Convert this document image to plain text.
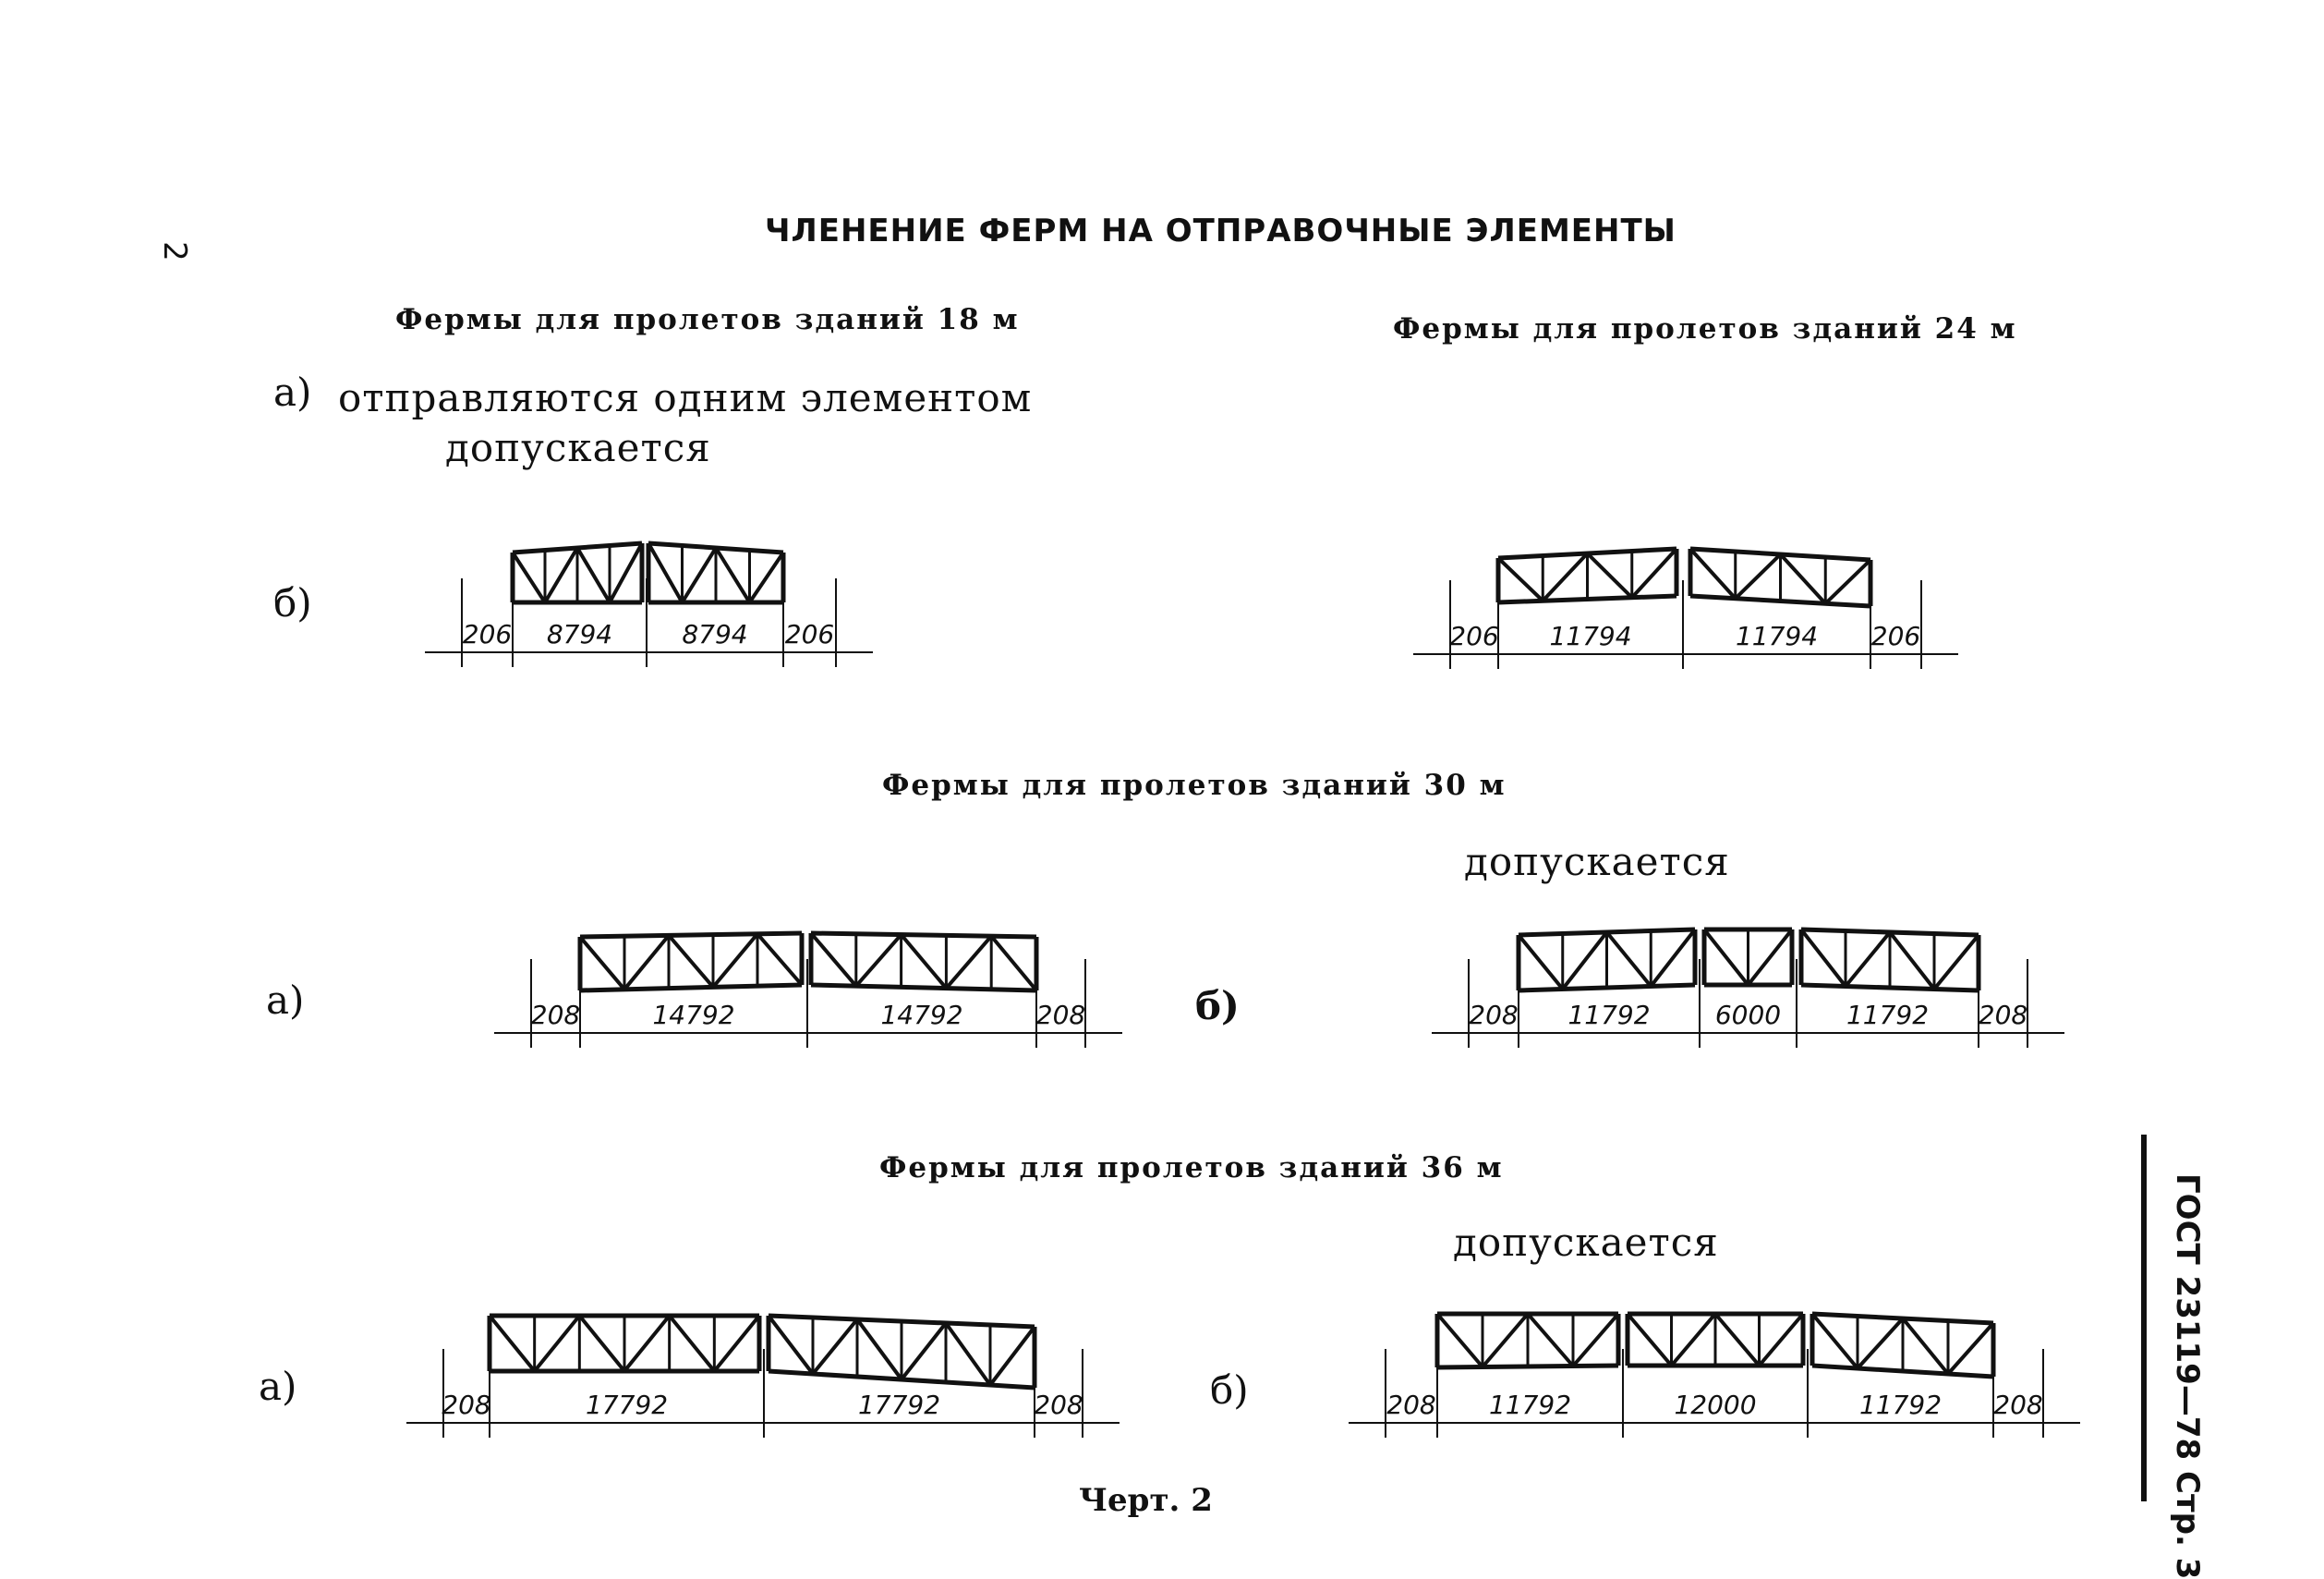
2
ЧЛЕНЕНИЕ ФЕРМ НА ОТПРАВОЧНЫЕ ЭЛЕМЕНТЫ
Фермы для пролетов зданий 18 м
а) отправляются одним элементом
допускается
б)
Фермы для пролетов зданий 24 м
Фермы для пролетов зданий 30 м
а)
допускается
б)
Фермы для пролетов зданий 36 м
а)
допускается
б)
Черт. 2	ГОСТ 23119—78 Стр. 3
206 8794	8794 206	206 11794	11794 206
208	14792	14792	208	208 11792	6000	11792 208
208	17792	17792	208	208 11792	12000	11792 208
